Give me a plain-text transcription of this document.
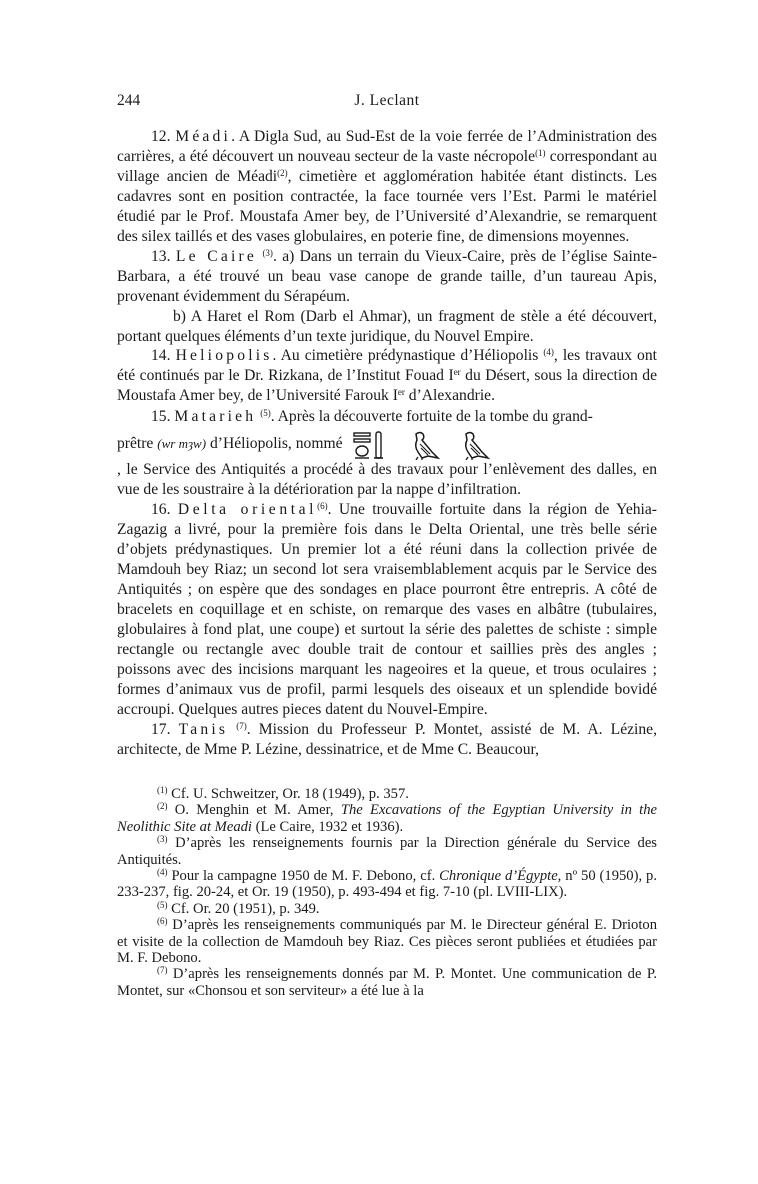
244	J. Leclant

12. Méadi. A Digla Sud, au Sud-Est de la voie ferrée de l’Administration des carrières, a été découvert un nouveau secteur de la vaste nécropole$^{(1)}$ correspondant au village ancien de Méadi$^{(2)}$, cimetière et agglomération habitée étant distincts. Les cadavres sont en position contractée, la face tournée vers l’Est. Parmi le matériel étudié par le Prof. Moustafa Amer bey, de l’Université d’Alexandrie, se remarquent des silex taillés et des vases globulaires, en poterie fine, de dimensions moyennes.

13. Le Caire $^{(3)}$. a) Dans un terrain du Vieux-Caire, près de l’église Sainte-Barbara, a été trouvé un beau vase canope de grande taille, d’un taureau Apis, provenant évidemment du Sérapéum.

b) A Haret el Rom (Darb el Ahmar), un fragment de stèle a été découvert, portant quelques éléments d’un texte juridique, du Nouvel Empire.

14. Heliopolis. Au cimetière prédynastique d’Héliopolis $^{(4)}$, les travaux ont été continués par le Dr. Rizkana, de l’Institut Fouad Ier du Désert, sous la direction de Moustafa Amer bey, de l’Université Farouk Ier d’Alexandrie.

15. Matarieh $^{(5)}$. Après la découverte fortuite de la tombe du grand-

prêtre (wr mȝw) d’Héliopolis, nommé

, le Service des Antiquités a procédé à des travaux pour l’enlèvement des dalles, en vue de les soustraire à la détérioration par la nappe d’infiltration.

16. Delta oriental$^{(6)}$. Une trouvaille fortuite dans la région de Yehia-Zagazig a livré, pour la première fois dans le Delta Oriental, une très belle série d’objets prédynastiques. Un premier lot a été réuni dans la collection privée de Mamdouh bey Riaz; un second lot sera vraisemblablement acquis par le Service des Antiquités ; on espère que des sondages en place pourront être entrepris. A côté de bracelets en coquillage et en schiste, on remarque des vases en albâtre (tubulaires, globulaires à fond plat, une coupe) et surtout la série des palettes de schiste : simple rectangle ou rectangle avec double trait de contour et saillies près des angles ; poissons avec des incisions marquant les nageoires et la queue, et trous oculaires ; formes d’animaux vus de profil, parmi lesquels des oiseaux et un splendide bovidé accroupi. Quelques autres pieces datent du Nouvel-Empire.

17. Tanis $^{(7)}$. Mission du Professeur P. Montet, assisté de M. A. Lézine, architecte, de Mme P. Lézine, dessinatrice, et de Mme C. Beaucour,

$^{(1)}$ Cf. U. Schweitzer, Or. 18 (1949), p. 357.

$^{(2)}$ O. Menghin et M. Amer, The Excavations of the Egyptian University in the Neolithic Site at Meadi (Le Caire, 1932 et 1936).

$^{(3)}$ D’après les renseignements fournis par la Direction générale du Service des Antiquités.

$^{(4)}$ Pour la campagne 1950 de M. F. Debono, cf. Chronique d’Égypte, nº 50 (1950), p. 233-237, fig. 20-24, et Or. 19 (1950), p. 493-494 et fig. 7-10 (pl. LVIII-LIX).

$^{(5)}$ Cf. Or. 20 (1951), p. 349.

$^{(6)}$ D’après les renseignements communiqués par M. le Directeur général E. Drioton et visite de la collection de Mamdouh bey Riaz. Ces pièces seront publiées et étudiées par M. F. Debono.

$^{(7)}$ D’après les renseignements donnés par M. P. Montet. Une communication de P. Montet, sur «Chonsou et son serviteur» a été lue à la
